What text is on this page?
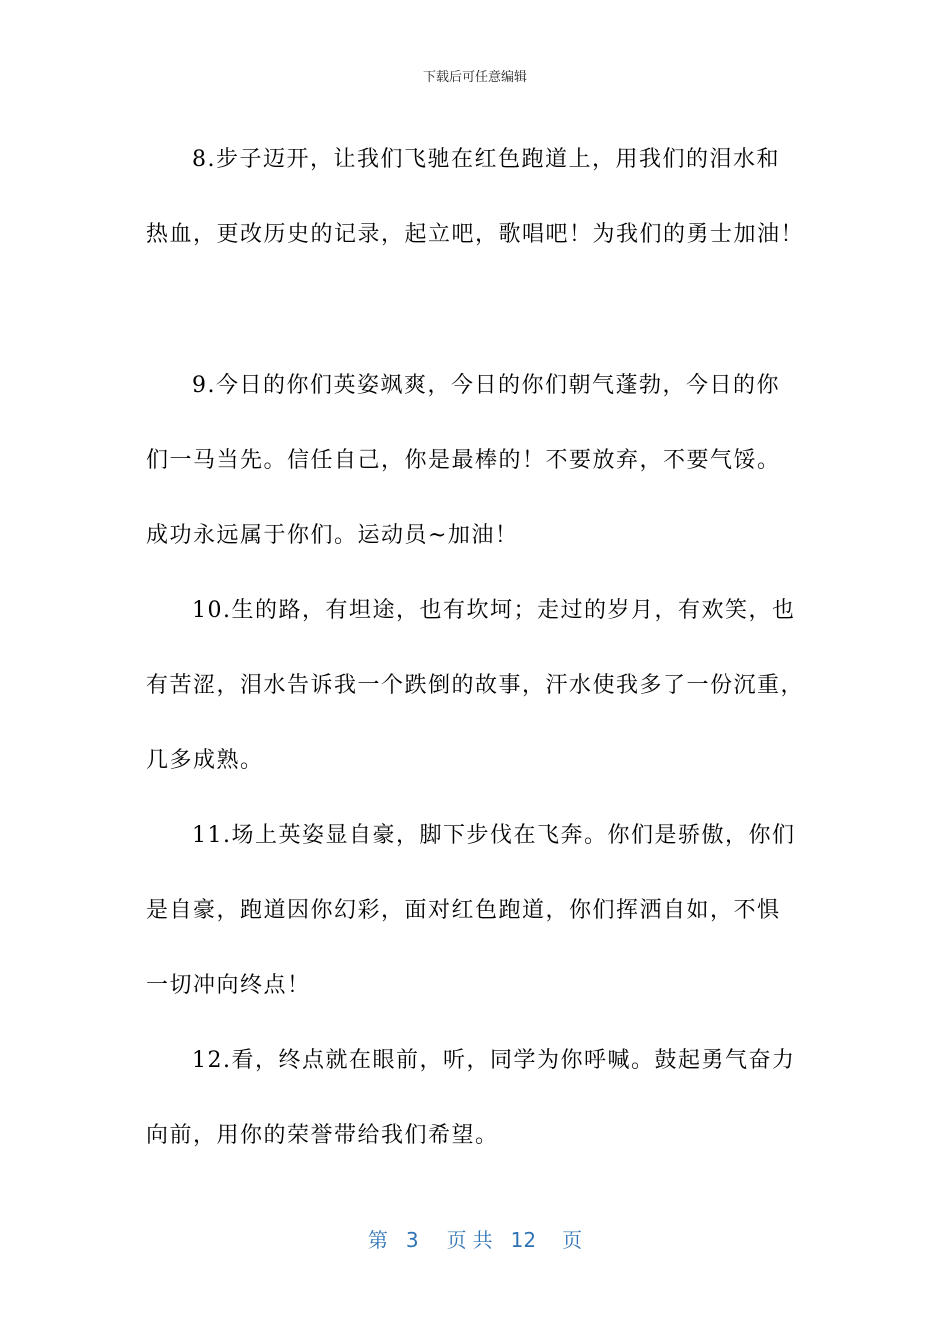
下载后可任意编辑

8.步子迈开，让我们飞驰在红色跑道上，用我们的泪水和
热血，更改历史的记录，起立吧，歌唱吧！为我们的勇士加油！

9.今日的你们英姿飒爽，今日的你们朝气蓬勃，今日的你
们一马当先。信任自己，你是最棒的！不要放弃，不要气馁。
成功永远属于你们。运动员~加油！

10.生的路，有坦途，也有坎坷；走过的岁月，有欢笑，也
有苦涩，泪水告诉我一个跌倒的故事，汗水使我多了一份沉重，
几多成熟。

11.场上英姿显自豪，脚下步伐在飞奔。你们是骄傲，你们
是自豪，跑道因你幻彩，面对红色跑道，你们挥洒自如，不惧
一切冲向终点！

12.看，终点就在眼前，听，同学为你呼喊。鼓起勇气奋力
向前，用你的荣誉带给我们希望。

第 3 页 共 12 页
